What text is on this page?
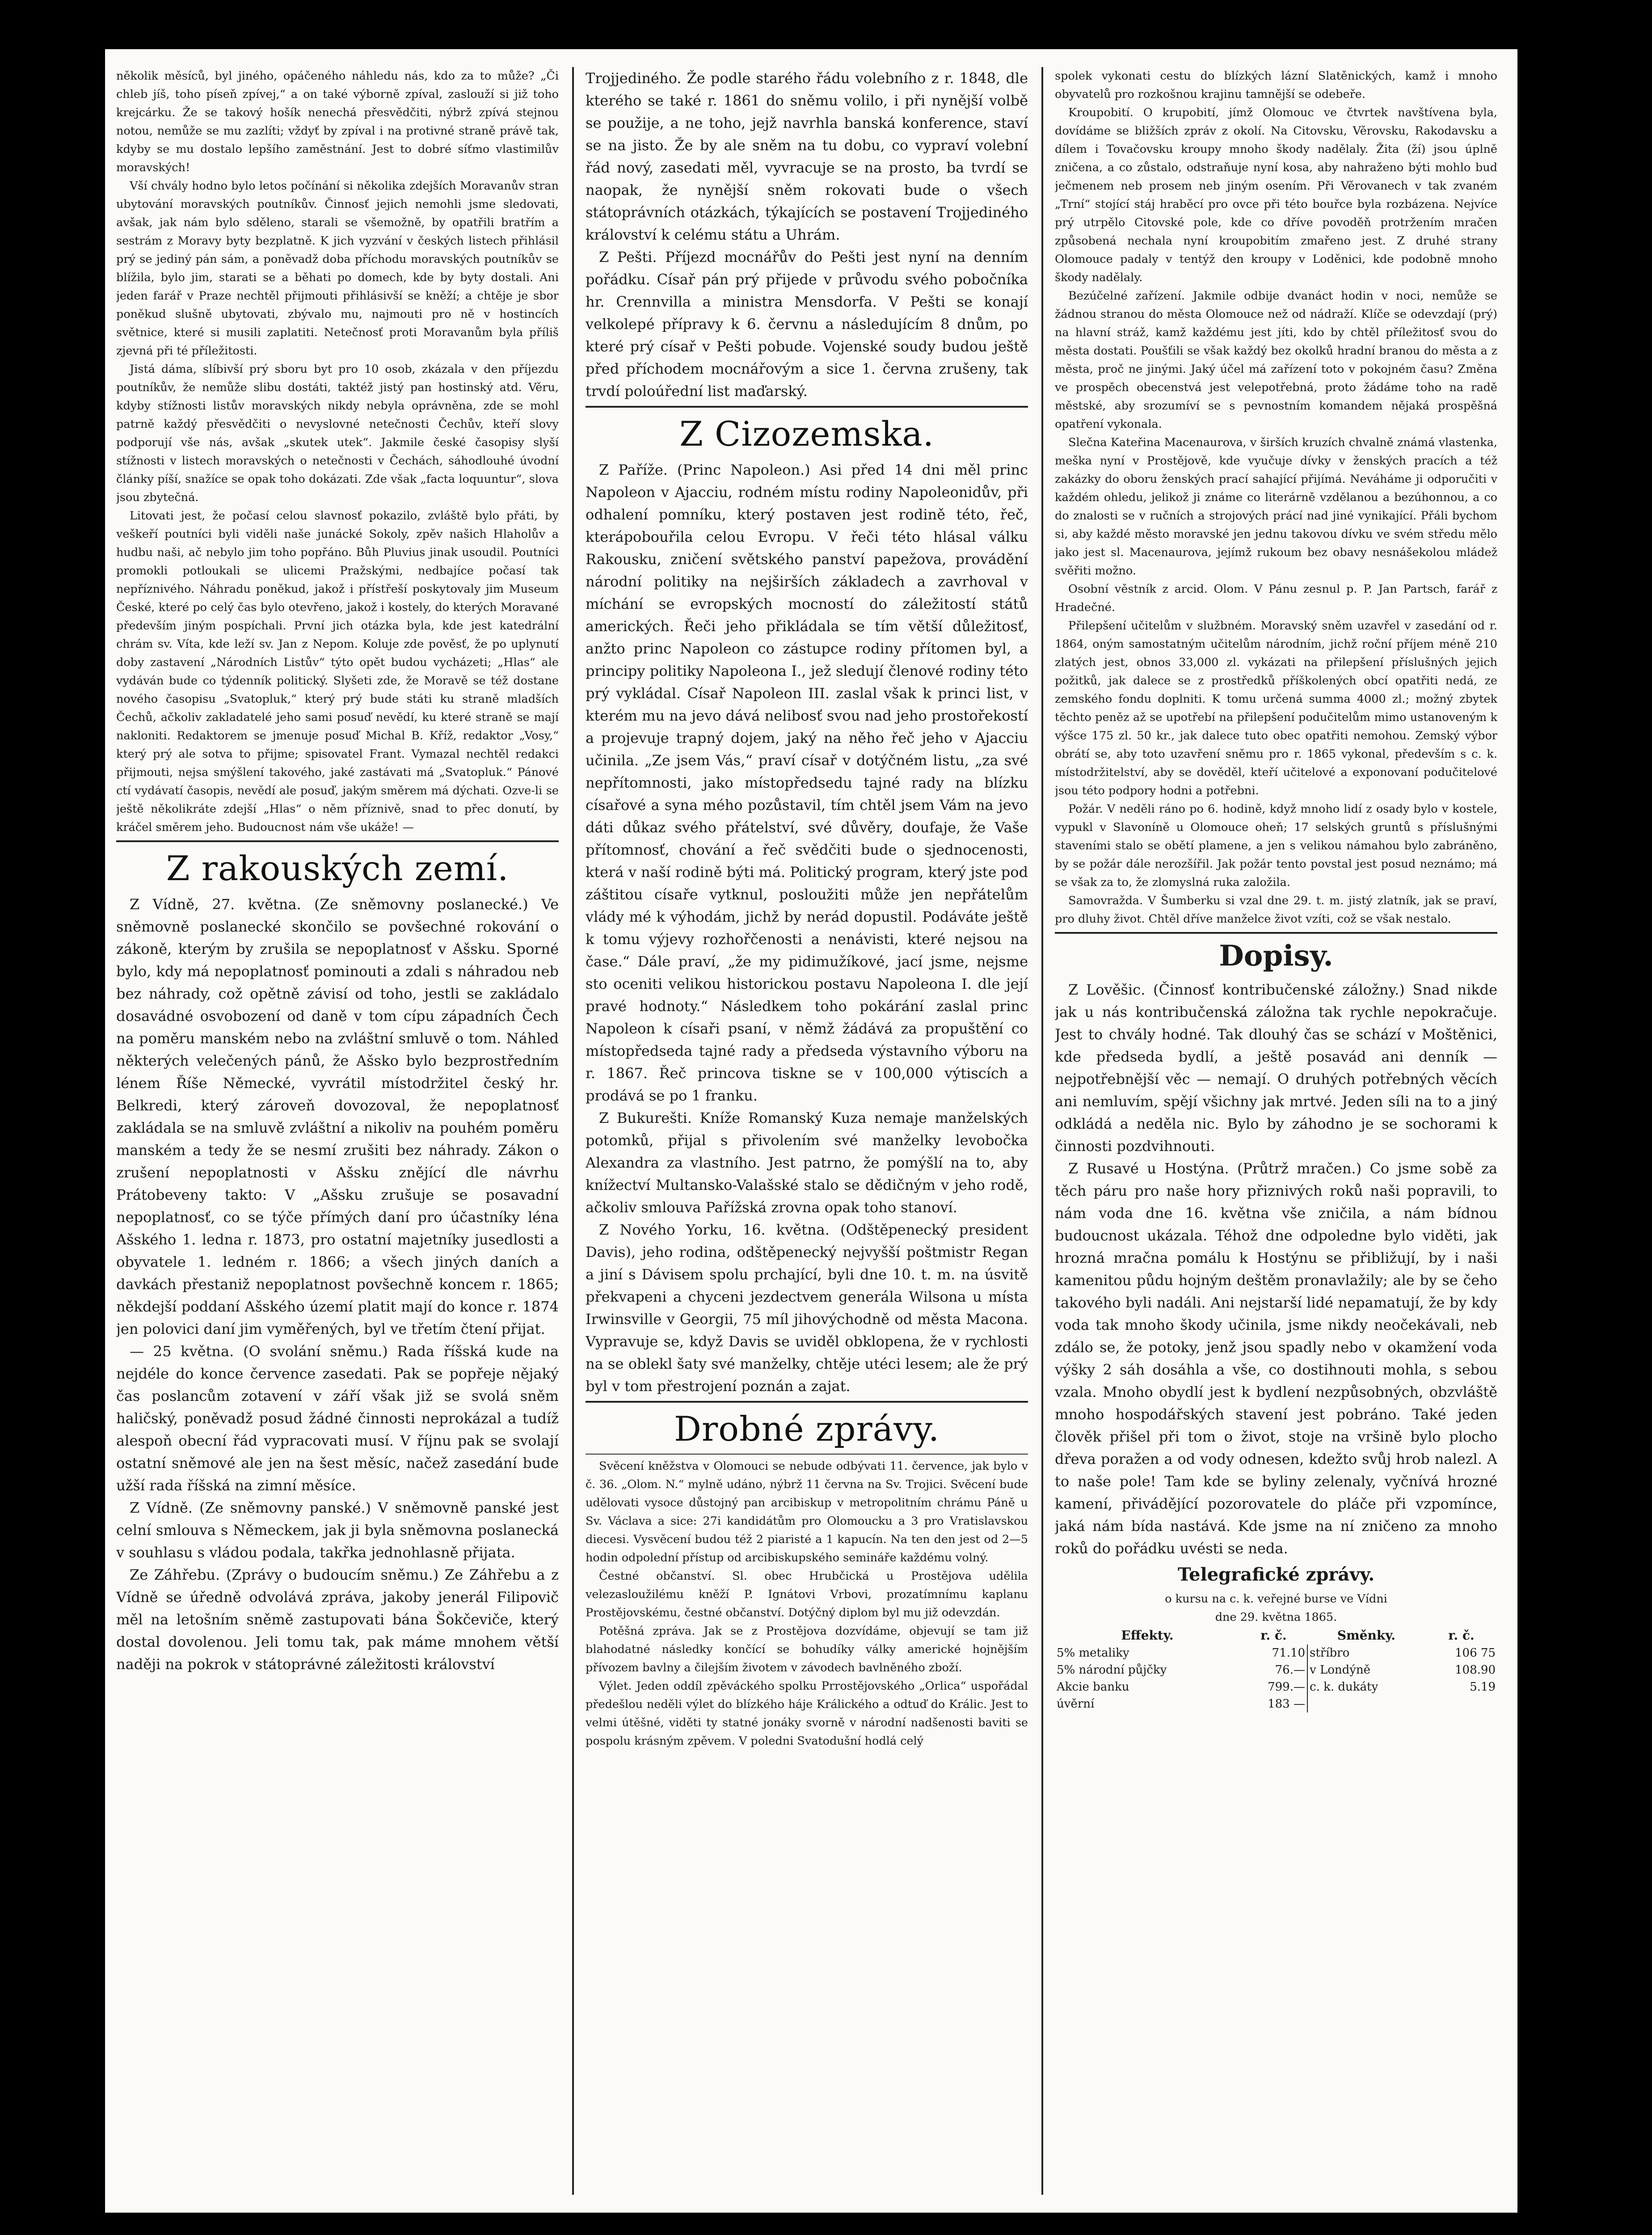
několik měsíců, byl jiného, opáčeného náhledu nás, kdo za to může? „Či chleb jíš, toho píseň zpívej,“ a on také výborně zpíval, zaslouží si již toho krejcárku. Že se takový hošík nenechá přesvědčiti, nýbrž zpívá stejnou notou, nemůže se mu zazlíti; vždyť by zpíval i na protivné straně právě tak, kdyby se mu dostalo lepšího zaměstnání. Jest to dobré síťmo vlastimilův moravských!

Vší chvály hodno bylo letos počínání si několika zdejších Moravanův stran ubytování moravských poutníkův. Činnosť jejich nemohli jsme sledovati, avšak, jak nám bylo sděleno, starali se všemožně, by opatřili bratřím a sestrám z Moravy byty bezplatně. K jich vyzvání v českých listech přihlásil prý se jediný pán sám, a poněvadž doba příchodu moravských poutníkův se blížila, bylo jim, starati se a běhati po domech, kde by byty dostali. Ani jeden farář v Praze nechtěl přijmouti přihlásivší se kněží; a chtěje je sbor poněkud slušně ubytovati, zbývalo mu, najmouti pro ně v hostincích světnice, které si musili zaplatiti. Netečnosť proti Moravanům byla příliš zjevná při té příležitosti.

Jistá dáma, slíbivší prý sboru byt pro 10 osob, zkázala v den příjezdu poutníkův, že nemůže slibu dostáti, taktéž jistý pan hostinský atd. Věru, kdyby stížnosti listův moravských nikdy nebyla oprávněna, zde se mohl patrně každý přesvědčiti o nevyslovné netečnosti Čechův, kteří slovy podporují vše nás, avšak „skutek utek“. Jakmile české časopisy slyší stížnosti v listech moravských o netečnosti v Čechách, sáhodlouhé úvodní články píší, snažíce se opak toho dokázati. Zde však „facta loquuntur“, slova jsou zbytečná.

Litovati jest, že počasí celou slavnosť pokazilo, zvláště bylo přáti, by veškeří poutníci byli viděli naše junácké Sokoly, zpěv našich Hlaholův a hudbu naši, ač nebylo jim toho popřáno. Bůh Pluvius jinak usoudil. Poutníci promokli potloukali se ulicemi Pražskými, nedbajíce počasí tak nepříznivého. Náhradu poněkud, jakož i přístřeší poskytovaly jim Museum České, které po celý čas bylo otevřeno, jakož i kostely, do kterých Moravané především jiným pospíchali. První jich otázka byla, kde jest katedrální chrám sv. Víta, kde leží sv. Jan z Nepom. Koluje zde pověsť, že po uplynutí doby zastavení „Národních Listův“ týto opět budou vycházeti; „Hlas“ ale vydáván bude co týdenník politický. Slyšeti zde, že Moravě se též dostane nového časopisu „Svatopluk,“ který prý bude státi ku straně mladších Čechů, ačkoliv zakladatelé jeho sami posuď nevědí, ku které straně se mají nakloniti. Redaktorem se jmenuje posuď Michal B. Kříž, redaktor „Vosy,“ který prý ale sotva to přijme; spisovatel Frant. Vymazal nechtěl redakci přijmouti, nejsa smýšlení takového, jaké zastávati má „Svatopluk.“ Pánové ctí vydávatí časopis, nevědí ale posuď, jakým směrem má dýchati. Ozve-li se ještě několikráte zdejší „Hlas“ o něm příznivě, snad to přec donutí, by kráčel směrem jeho. Budoucnost nám vše ukáže! —

Z rakouských zemí.

Z Vídně, 27. května. (Ze sněmovny poslanecké.) Ve sněmovně poslanecké skončilo se povšechné rokování o zákoně, kterým by zrušila se nepoplatnosť v Ašsku. Sporné bylo, kdy má nepoplatnosť pominouti a zdali s náhradou neb bez náhrady, což opětně závisí od toho, jestli se zakládalo dosavádné osvobození od daně v tom cípu západních Čech na poměru manském nebo na zvláštní smluvě o tom. Náhled některých velečených pánů, že Ašsko bylo bezprostředním lénem Říše Německé, vyvrátil místodržitel český hr. Belkredi, který zároveň dovozoval, že nepoplatnosť zakládala se na smluvě zvláštní a nikoliv na pouhém poměru manském a tedy že se nesmí zrušiti bez náhrady. Zákon o zrušení nepoplatnosti v Ašsku znějící dle návrhu Prátobeveny takto: V „Ašsku zrušuje se posavadní nepoplatnosť, co se týče přímých daní pro účastníky léna Ašského 1. ledna r. 1873, pro ostatní majetníky jusedlosti a obyvatele 1. ledném r. 1866; a všech jiných daních a davkách přestaniž nepoplatnost povšechně koncem r. 1865; někdejší poddaní Ašského území platit mají do konce r. 1874 jen polovici daní jim vyměřených, byl ve třetím čtení přijat.

— 25 května. (O svolání sněmu.) Rada říšská kude na nejdéle do konce července zasedati. Pak se popřeje nějaký čas poslancům zotavení v září však již se svolá sněm haličský, poněvadž posud žádné činnosti neprokázal a tudíž alespoň obecní řád vypracovati musí. V říjnu pak se svolají ostatní sněmové ale jen na šest měsíc, načež zasedání bude užší rada říšská na zimní měsíce.

Z Vídně. (Ze sněmovny panské.) V sněmovně panské jest celní smlouva s Německem, jak ji byla sněmovna poslanecká v souhlasu s vládou podala, takřka jednohlasně přijata.

Ze Záhřebu. (Zprávy o budoucím sněmu.) Ze Záhřebu a z Vídně se úředně odvolává zpráva, jakoby jenerál Filipovič měl na letošním sněmě zastupovati bána Šokčeviče, který dostal dovolenou. Jeli tomu tak, pak máme mnohem větší naději na pokrok v státoprávné záležitosti království

Trojjediného. Že podle starého řádu volebního z r. 1848, dle kterého se také r. 1861 do sněmu volilo, i při nynější volbě se použije, a ne toho, jejž navrhla banská konference, staví se na jisto. Že by ale sněm na tu dobu, co vypraví volební řád nový, zasedati měl, vyvracuje se na prosto, ba tvrdí se naopak, že nynější sněm rokovati bude o všech státoprávních otázkách, týkajících se postavení Trojjediného království k celému státu a Uhrám.

Z Pešti. Příjezd mocnářův do Pešti jest nyní na denním pořádku. Císař pán prý přijede v průvodu svého pobočníka hr. Crennvilla a ministra Mensdorfa. V Pešti se konají velkolepé přípravy k 6. červnu a následujícím 8 dnům, po které prý císař v Pešti pobude. Vojenské soudy budou ještě před příchodem mocnářovým a sice 1. června zrušeny, tak trvdí poloúřední list maďarský.

Z Cizozemska.

Z Paříže. (Princ Napoleon.) Asi před 14 dni měl princ Napoleon v Ajacciu, rodném místu rodiny Napoleonidův, při odhalení pomníku, který postaven jest rodině této, řeč, kterápobouřila celou Evropu. V řeči této hlásal válku Rakousku, zničení světského panství papežova, provádění národní politiky na nejširších základech a zavrhoval v míchání se evropských mocností do záležitostí států amerických. Řeči jeho přikládala se tím větší důležitosť, anžto princ Napoleon co zástupce rodiny přítomen byl, a principy politiky Napoleona I., jež sledují členové rodiny této prý vykládal. Císař Napoleon III. zaslal však k princi list, v kterém mu na jevo dává nelibosť svou nad jeho prostořekostí a projevuje trapný dojem, jaký na něho řeč jeho v Ajacciu učinila. „Ze jsem Vás,“ praví císař v dotýčném listu, „za své nepřítomnosti, jako místopředsedu tajné rady na blízku císařové a syna mého pozůstavil, tím chtěl jsem Vám na jevo dáti důkaz svého přátelství, své důvěry, doufaje, že Vaše přítomnosť, chování a řeč svědčiti bude o sjednocenosti, která v naší rodině býti má. Politický program, který jste pod záštitou císaře vytknul, posloužiti může jen nepřátelům vlády mé k výhodám, jichž by nerád dopustil. Podáváte ještě k tomu výjevy rozhořčenosti a nenávisti, které nejsou na čase.“ Dále praví, „že my pidimužíkové, jací jsme, nejsme sto oceniti velikou historickou postavu Napoleona I. dle její pravé hodnoty.“ Následkem toho pokárání zaslal princ Napoleon k císaři psaní, v němž žádává za propuštění co místopředseda tajné rady a předseda výstavního výboru na r. 1867. Řeč princova tiskne se v 100,000 výtiscích a prodává se po 1 franku.

Z Bukurešti. Kníže Romanský Kuza nemaje manželských potomků, přijal s přivolením své manželky levobočka Alexandra za vlastního. Jest patrno, že pomýšlí na to, aby knížectví Multansko-Valašské stalo se dědičným v jeho rodě, ačkoliv smlouva Pařížská zrovna opak toho stanoví.

Z Nového Yorku, 16. května. (Odštěpenecký president Davis), jeho rodina, odštěpenecký nejvyšší poštmistr Regan a jiní s Dávisem spolu prchající, byli dne 10. t. m. na úsvitě překvapeni a chyceni jezdectvem generála Wilsona u místa Irwinsville v Georgii, 75 míl jihovýchodně od města Macona. Vypravuje se, když Davis se uviděl obklopena, že v rychlosti na se oblekl šaty své manželky, chtěje utéci lesem; ale že prý byl v tom přestrojení poznán a zajat.

Drobné zprávy.

Svěcení kněžstva v Olomouci se nebude odbývati 11. července, jak bylo v č. 36. „Olom. N.“ mylně udáno, nýbrž 11 června na Sv. Trojici. Svěcení bude udělovati vysoce důstojný pan arcibiskup v metropolitním chrámu Páně u Sv. Václava a sice: 27i kandidátům pro Olomoucku a 3 pro Vratislavskou diecesi. Vysvěcení budou též 2 piaristé a 1 kapucín. Na ten den jest od 2—5 hodin odpolední přístup od arcibiskupského semináře každému volný.

Čestné občanství. Sl. obec Hrubčická u Prostějova udělila velezasloužilému kněží P. Ignátovi Vrbovi, prozatímnímu kaplanu Prostějovskému, čestné občanství. Dotýčný diplom byl mu již odevzdán.

Potěšná zpráva. Jak se z Prostějova dozvídáme, objevují se tam již blahodatné následky končící se bohudíky války americké hojnějším přívozem bavlny a čilejším životem v závodech bavlněného zboží.

Výlet. Jeden oddíl zpěváckého spolku Prrostějovského „Orlica“ uspořádal předešlou neděli výlet do blízkého háje Králického a odtuď do Králic. Jest to velmi útěšné, viděti ty statné jonáky svorně v národní nadšenosti baviti se pospolu krásným zpěvem. V poledni Svatodušní hodlá celý

spolek vykonati cestu do blízkých lázní Slatěnických, kamž i mnoho obyvatelů pro rozkošnou krajinu tamnější se odebeře.

Kroupobití. O krupobití, jímž Olomouc ve čtvrtek navštívena byla, dovídáme se bližších zpráv z okolí. Na Citovsku, Věrovsku, Rakodavsku a dílem i Tovačovsku kroupy mnoho škody nadělaly. Žita (ží) jsou úplně zničena, a co zůstalo, odstraňuje nyní kosa, aby nahraženo býti mohlo buď ječmenem neb prosem neb jiným osením. Při Věrovanech v tak zvaném „Trní“ stojící stáj hraběcí pro ovce při této bouřce byla rozbázena. Nejvíce prý utrpělo Citovské pole, kde co dříve povoděň protržením mračen způsobená nechala nyní kroupobitím zmařeno jest. Z druhé strany Olomouce padaly v tentýž den kroupy v Loděnici, kde podobně mnoho škody nadělaly.

Bezúčelné zařízení. Jakmile odbije dvanáct hodin v noci, nemůže se žádnou stranou do města Olomouce než od nádraží. Klíče se odevzdají (prý) na hlavní stráž, kamž každému jest jíti, kdo by chtěl příležitosť svou do města dostati. Poušťili se však každý bez okolků hradní branou do města a z města, proč ne jinými. Jaký účel má zařízení toto v pokojném času? Změna ve prospěch obecenstvá jest velepotřebná, proto žádáme toho na radě městské, aby srozumíví se s pevnostním komandem nějaká prospěšná opatření vykonala.

Slečna Kateřina Macenaurova, v širších kruzích chvalně známá vlastenka, meška nyní v Prostějově, kde vyučuje dívky v ženských pracích a též zakázky do oboru ženských prací sahající přijímá. Neváháme ji odporučiti v každém ohledu, jelikož ji známe co literárně vzdělanou a bezúhonnou, a co do znalosti se v ručních a strojových prácí nad jiné vynikající. Přáli bychom si, aby každé město moravské jen jednu takovou dívku ve svém středu mělo jako jest sl. Macenaurova, jejímž rukoum bez obavy nesnášekolou mládež svěřiti možno.

Osobní věstník z arcid. Olom. V Pánu zesnul p. P. Jan Partsch, farář z Hradečné.

Přilepšení učitelům v službném. Moravský sněm uzavřel v zasedání od r. 1864, oným samostatným učitelům národním, jichž roční příjem méně 210 zlatých jest, obnos 33,000 zl. vykázati na přilepšení příslušných jejich požitků, jak dalece se z prostředků příškolených obcí opatřiti nedá, ze zemského fondu doplniti. K tomu určená summa 4000 zl.; možný zbytek těchto peněz až se upotřebí na přilepšení podučitelům mimo ustanoveným k výšce 175 zl. 50 kr., jak dalece tuto obec opatřiti nemohou. Zemský výbor obrátí se, aby toto uzavření sněmu pro r. 1865 vykonal, především s c. k. místodržitelství, aby se dověděl, kteří učitelové a exponovaní podučitelové jsou této podpory hodni a potřebni.

Požár. V neděli ráno po 6. hodině, když mnoho lidí z osady bylo v kostele, vypukl v Slavoníně u Olomouce oheň; 17 selských gruntů s příslušnými staveními stalo se obětí plamene, a jen s velikou námahou bylo zabráněno, by se požár dále nerozšířil. Jak požár tento povstal jest posud neznámo; má se však za to, že zlomyslná ruka založila.

Samovražda. V Šumberku si vzal dne 29. t. m. jistý zlatník, jak se praví, pro dluhy život. Chtěl dříve manželce život vzíti, což se však nestalo.

Dopisy.

Z Lověšic. (Činnosť kontribučenské záložny.) Snad nikde jak u nás kontribučenská záložna tak rychle nepokračuje. Jest to chvály hodné. Tak dlouhý čas se schází v Moštěnici, kde předseda bydlí, a ještě posavád ani denník — nejpotřebnější věc — nemají. O druhých potřebných věcích ani nemluvím, spějí všichny jak mrtvé. Jeden síli na to a jiný odkládá a neděla nic. Bylo by záhodno je se sochorami k činnosti pozdvihnouti.

Z Rusavé u Hostýna. (Průtrž mračen.) Co jsme sobě za těch páru pro naše hory přiznivých roků naši popravili, to nám voda dne 16. května vše zničila, a nám bídnou budoucnost ukázala. Téhož dne odpoledne bylo viděti, jak hrozná mračna pomálu k Hostýnu se přibližují, by i naši kamenitou půdu hojným deštěm pronavlažily; ale by se čeho takového byli nadáli. Ani nejstarší lidé nepamatují, že by kdy voda tak mnoho škody učinila, jsme nikdy neočekávali, neb zdálo se, že potoky, jenž jsou spadly nebo v okamžení voda výšky 2 sáh dosáhla a vše, co dostihnouti mohla, s sebou vzala. Mnoho obydlí jest k bydlení nezpůsobných, obzvláště mnoho hospodářských stavení jest pobráno. Také jeden člověk přišel při tom o život, stoje na vršině bylo plocho dřeva poražen a od vody odnesen, kdežto svůj hrob nalezl. A to naše pole! Tam kde se byliny zelenaly, vyčnívá hrozné kamení, přivádějící pozorovatele do pláče při vzpomínce, jaká nám bída nastává. Kde jsme na ní zničeno za mnoho roků do pořádku uvésti se neda.

Telegrafické zprávy.

o kursu na c. k. veřejné burse ve Vídni

dne 29. května 1865.

Effekty.	r. č.	Směnky.	r. č.
5% metaliky	71.10	stříbro	106 75
5% národní půjčky	76.—	v Londýně	108.90
Akcie banku	799.—	c. k. dukáty	5.19
úvěrní	183 —		
